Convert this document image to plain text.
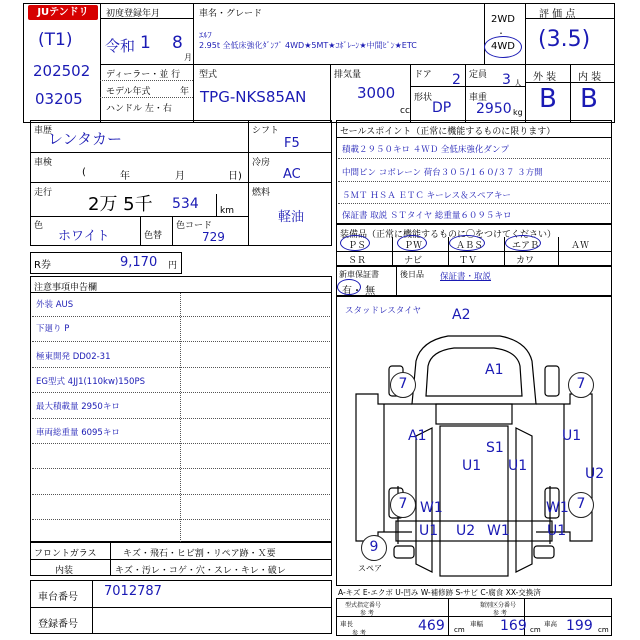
JUテンドリ
(T1)
202502
03205
初度登録年月
令和 1 8
月
車名・グレード
ｴﾙﾌ
2.95t 全低床強化ﾀﾞﾝﾌﾟ 4WD★5MT★ｺﾎﾞﾚｰﾝ★中間ﾋﾟﾝ★ETC
2WD
・
4WD
評 価 点
(3.5)
外 装 内 装
B B
ディーラー・並 行
モデル年式	年
ハンドル 左・右
型式
TPG-NKS85AN
排気量
3000
cc
ドア 2 定員 3 人
形状
DP
車重
2950 kg
車歴
レンタカー
車検
(	年	月	日)
走行
2万 5千 534 km
色
ホワイト	色替
色コード
729
シフト
F5
冷房
AC
燃料
軽油
R券	9,170 円
セールスポイント（正常に機能するものに限ります）
積載２９５０キロ ４ＷＤ 全低床強化ダンプ
中間ピン コボレーン 荷台３０５/１６０/３７ ３方開
５ＭＴ ＨＳＡ ＥＴＣ キーレス＆スペアキー
保証書 取説 ＳＴタイヤ 総重量６０９５キロ
装備品（正常に機能するものに〇をつけてください）
ＰＳ	ＰＷ	ＡＢＳ	エアＢ	ＡＷ
ＳＲ	ナビ	ＴＶ	カワ
新車保証書
有・ 無
後日品 保証書・取説
注意事項申告欄
外装 AUS
下廻り P
極東開発 DD02-31
EG型式 4JJ1(110kw)150PS
最大積載量 2950キロ
車両総重量 6095キロ
フロントガラス	キズ・飛石・ヒビ割・リペア跡・Ｘ要
内装	キズ・汚レ・コゲ・穴・スレ・キレ・破レ
車台番号 7012787
登録番号
スタッドレスタイヤ A2
A1
7	7
A1
S1
U1 U1
U1
U1
U2
7	7
W1
U1
U2 W1
W1
9
スペア
A-キズ E-エクボ U-凹み W-補修跡 S-サビ C-腐食 XX-交換済
型式指定番号
参 考
類別区分番号
参 考
車長
参 考	469 cm
車幅 169 cm
車高 199 cm
